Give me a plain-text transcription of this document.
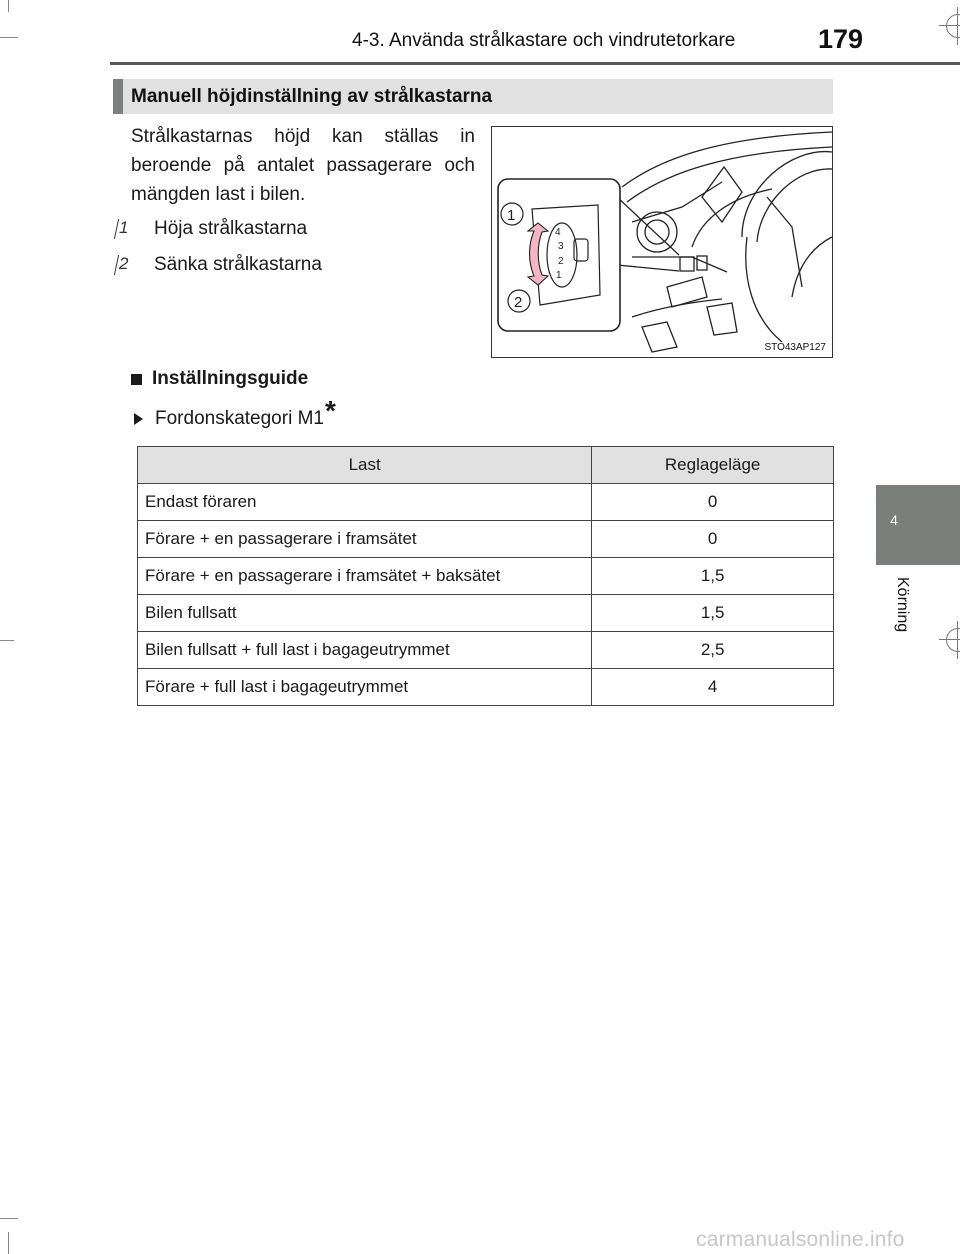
4-3. Använda strålkastare och vindrutetorkare	179
4
Körning
Manuell höjdinställning av strålkastarna
Strålkastarnas höjd kan ställas in beroende på antalet passagerare och mängden last i bilen.
1 Höja strålkastarna
2 Sänka strålkastarna
4
3
2
1
1
2
STO43AP127
Inställningsguide
Fordonskategori M1 *
Last	Reglageläge
Endast föraren	0
Förare + en passagerare i framsätet	0
Förare + en passagerare i framsätet + baksätet	1,5
Bilen fullsatt	1,5
Bilen fullsatt + full last i bagageutrymmet	2,5
Förare + full last i bagageutrymmet	4
carmanualsonline.info
